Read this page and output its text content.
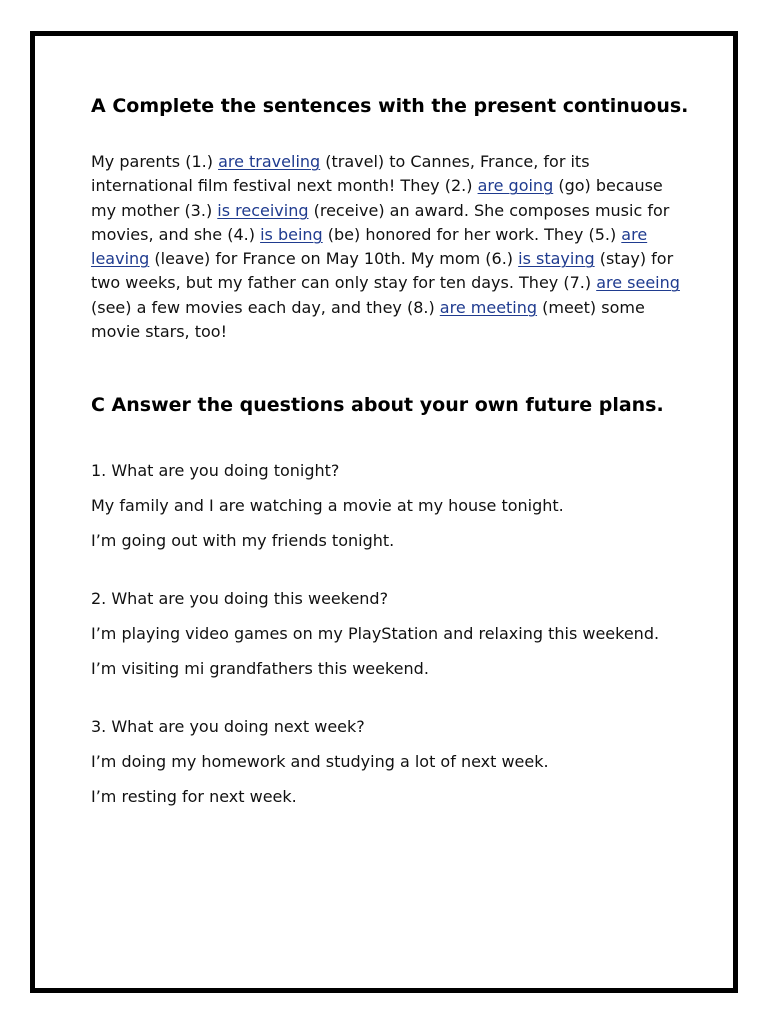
A Complete the sentences with the present continuous.

My parents (1.) are traveling (travel) to Cannes, France, for its international film festival next month! They (2.) are going (go) because my mother (3.) is receiving (receive) an award. She composes music for movies, and she (4.) is being (be) honored for her work. They (5.) are leaving (leave) for France on May 10th. My mom (6.) is staying (stay) for two weeks, but my father can only stay for ten days. They (7.) are seeing (see) a few movies each day, and they (8.) are meeting (meet) some movie stars, too!

C Answer the questions about your own future plans.

1. What are you doing tonight?

My family and I are watching a movie at my house tonight.

I’m going out with my friends tonight.

2. What are you doing this weekend?

I’m playing video games on my PlayStation and relaxing this weekend.

I’m visiting mi grandfathers this weekend.

3. What are you doing next week?

I’m doing my homework and studying a lot of next week.

I’m resting for next week.
